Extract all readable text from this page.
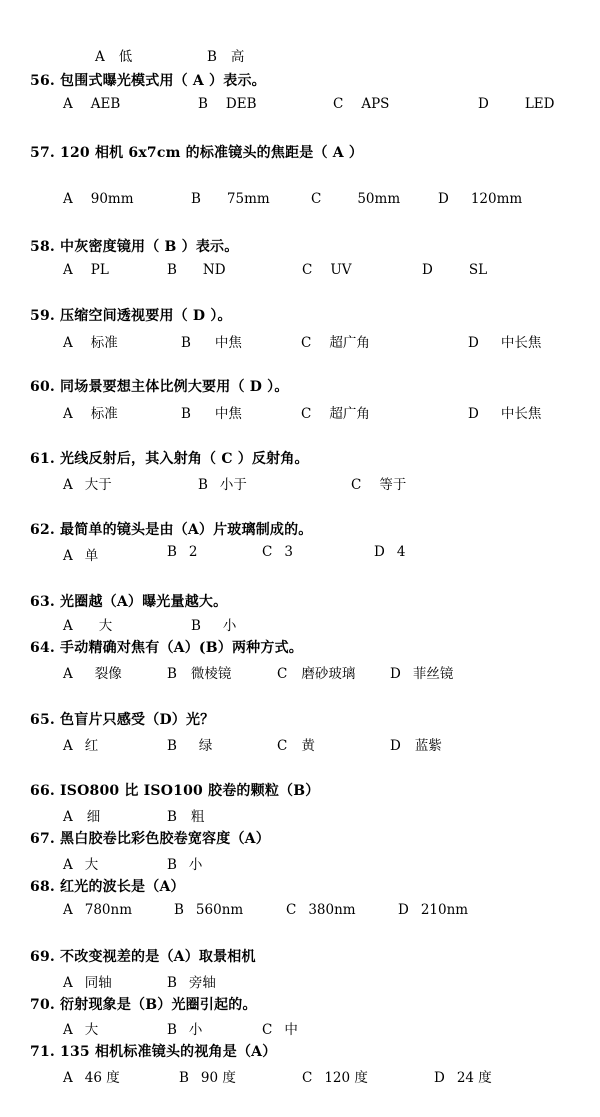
A 低	B 高
56. 包围式曝光模式用（ A ）表示。
A AEB	B DEB	C APS	D	LED
57. 120 相机 6x7cm 的标准镜头的焦距是（ A ）
A 90mm	B 75mm	C	50mm	D 120mm
58. 中灰密度镜用（ B ）表示。
A PL	B ND	C UV	D	SL
59. 压缩空间透视要用（ D ）。
A 标准	B 中焦	C 超广角	D 中长焦
60. 同场景要想主体比例大要用（ D ）。
A 标准	B 中焦	C 超广角	D 中长焦
61. 光线反射后，其入射角（ C ）反射角。
A 大于	B 小于	C 等于
62. 最简单的镜头是由（A）片玻璃制成的。
A 单	B 2	C 3	D 4
63. 光圈越（A）曝光量越大。
A 大	B 小
64. 手动精确对焦有（A）(B）两种方式。
A 裂像	B 微棱镜	C 磨砂玻璃	D 菲丝镜
65. 色盲片只感受（D）光？
A 红	B 绿	C 黄	D 蓝紫
66. ISO800 比 ISO100 胶卷的颗粒（B）
A 细	B 粗
67. 黑白胶卷比彩色胶卷宽容度（A）
A 大	B 小
68. 红光的波长是（A）
A 780nm	B 560nm	C 380nm	D 210nm
69. 不改变视差的是（A）取景相机
A 同轴	B 旁轴
70. 衍射现象是（B）光圈引起的。
A 大	B 小	C 中
71. 135 相机标准镜头的视角是（A）
A 46 度	B 90 度	C 120 度	D 24 度
